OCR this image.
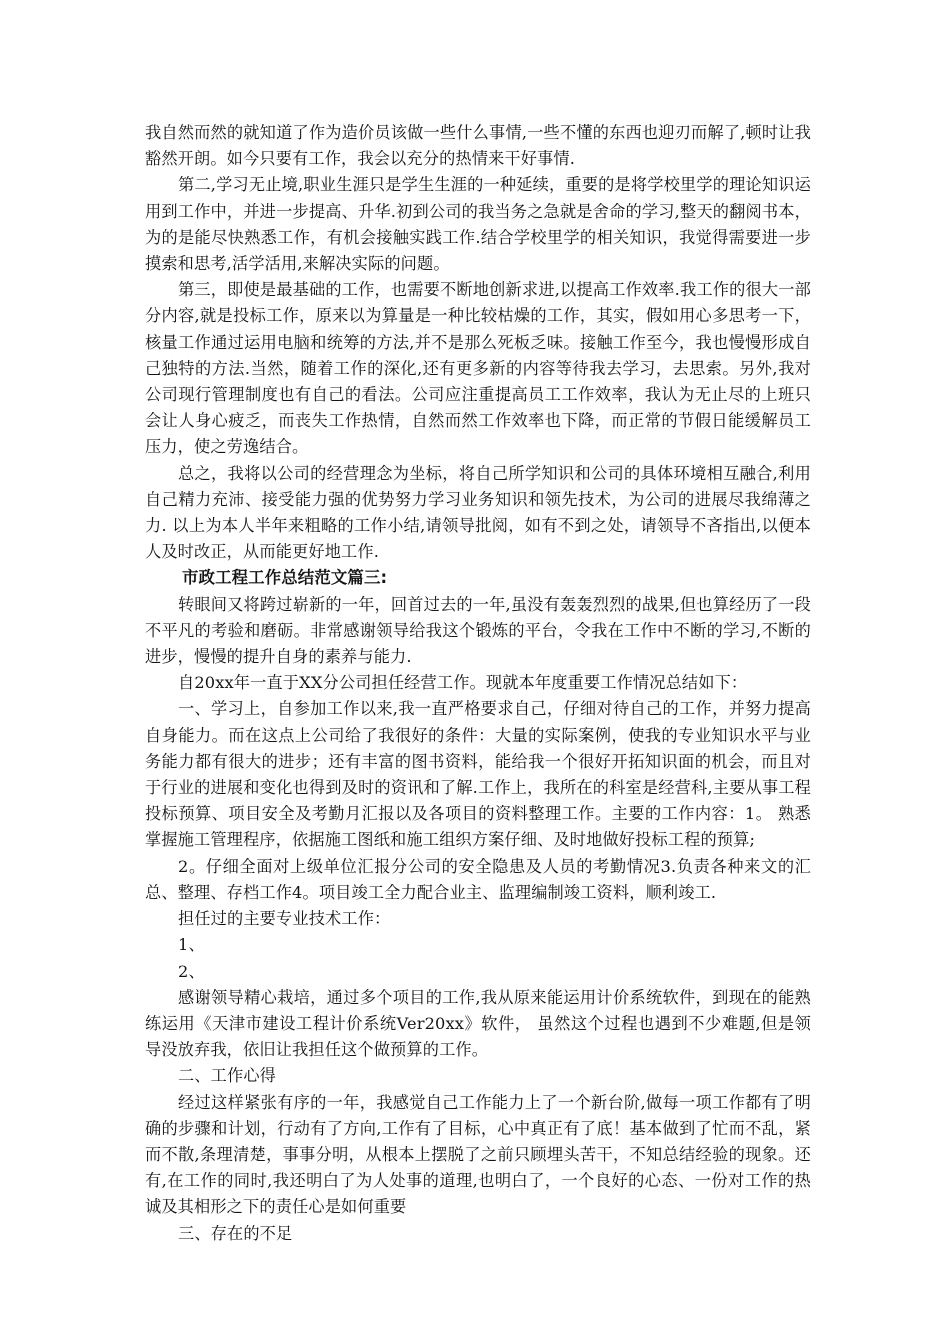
我自然而然的就知道了作为造价员该做一些什么事情,一些不懂的东西也迎刃而解了,顿时让我豁然开朗。如今只要有工作，我会以充分的热情来干好事情.

第二,学习无止境,职业生涯只是学生生涯的一种延续，重要的是将学校里学的理论知识运用到工作中，并进一步提高、升华.初到公司的我当务之急就是舍命的学习,整天的翻阅书本，为的是能尽快熟悉工作，有机会接触实践工作.结合学校里学的相关知识，我觉得需要进一步摸索和思考,活学活用,来解决实际的问题。

第三，即使是最基础的工作，也需要不断地创新求进,以提高工作效率.我工作的很大一部分内容,就是投标工作，原来以为算量是一种比较枯燥的工作，其实，假如用心多思考一下，核量工作通过运用电脑和统筹的方法,并不是那么死板乏味。接触工作至今，我也慢慢形成自己独特的方法.当然，随着工作的深化,还有更多新的内容等待我去学习，去思索。另外,我对公司现行管理制度也有自己的看法。公司应注重提高员工工作效率，我认为无止尽的上班只会让人身心疲乏，而丧失工作热情，自然而然工作效率也下降，而正常的节假日能缓解员工压力，使之劳逸结合。

总之，我将以公司的经营理念为坐标，将自己所学知识和公司的具体环境相互融合,利用自己精力充沛、接受能力强的优势努力学习业务知识和领先技术，为公司的进展尽我绵薄之力. 以上为本人半年来粗略的工作小结,请领导批阅，如有不到之处，请领导不吝指出,以便本人及时改正，从而能更好地工作.

市政工程工作总结范文篇三:

转眼间又将跨过崭新的一年，回首过去的一年,虽没有轰轰烈烈的战果,但也算经历了一段不平凡的考验和磨砺。非常感谢领导给我这个锻炼的平台，令我在工作中不断的学习,不断的进步，慢慢的提升自身的素养与能力.

自20xx年一直于XX分公司担任经营工作。现就本年度重要工作情况总结如下：

一、学习上，自参加工作以来,我一直严格要求自己，仔细对待自己的工作，并努力提高自身能力。而在这点上公司给了我很好的条件：大量的实际案例，使我的专业知识水平与业务能力都有很大的进步；还有丰富的图书资料，能给我一个很好开拓知识面的机会，而且对于行业的进展和变化也得到及时的资讯和了解.工作上，我所在的科室是经营科,主要从事工程投标预算、项目安全及考勤月汇报以及各项目的资料整理工作。主要的工作内容：1。 熟悉掌握施工管理程序，依据施工图纸和施工组织方案仔细、及时地做好投标工程的预算;

2。仔细全面对上级单位汇报分公司的安全隐患及人员的考勤情况3.负责各种来文的汇总、整理、存档工作4。项目竣工全力配合业主、监理编制竣工资料，顺利竣工.

担任过的主要专业技术工作：

1、

2、

感谢领导精心栽培，通过多个项目的工作,我从原来能运用计价系统软件，到现在的能熟练运用《天津市建设工程计价系统Ver20xx》软件， 虽然这个过程也遇到不少难题,但是领导没放弃我，依旧让我担任这个做预算的工作。

二、工作心得

经过这样紧张有序的一年，我感觉自己工作能力上了一个新台阶,做每一项工作都有了明确的步骤和计划，行动有了方向,工作有了目标，心中真正有了底！基本做到了忙而不乱，紧而不散,条理清楚，事事分明，从根本上摆脱了之前只顾埋头苦干，不知总结经验的现象。还有,在工作的同时,我还明白了为人处事的道理,也明白了，一个良好的心态、一份对工作的热诚及其相形之下的责任心是如何重要

三、存在的不足
